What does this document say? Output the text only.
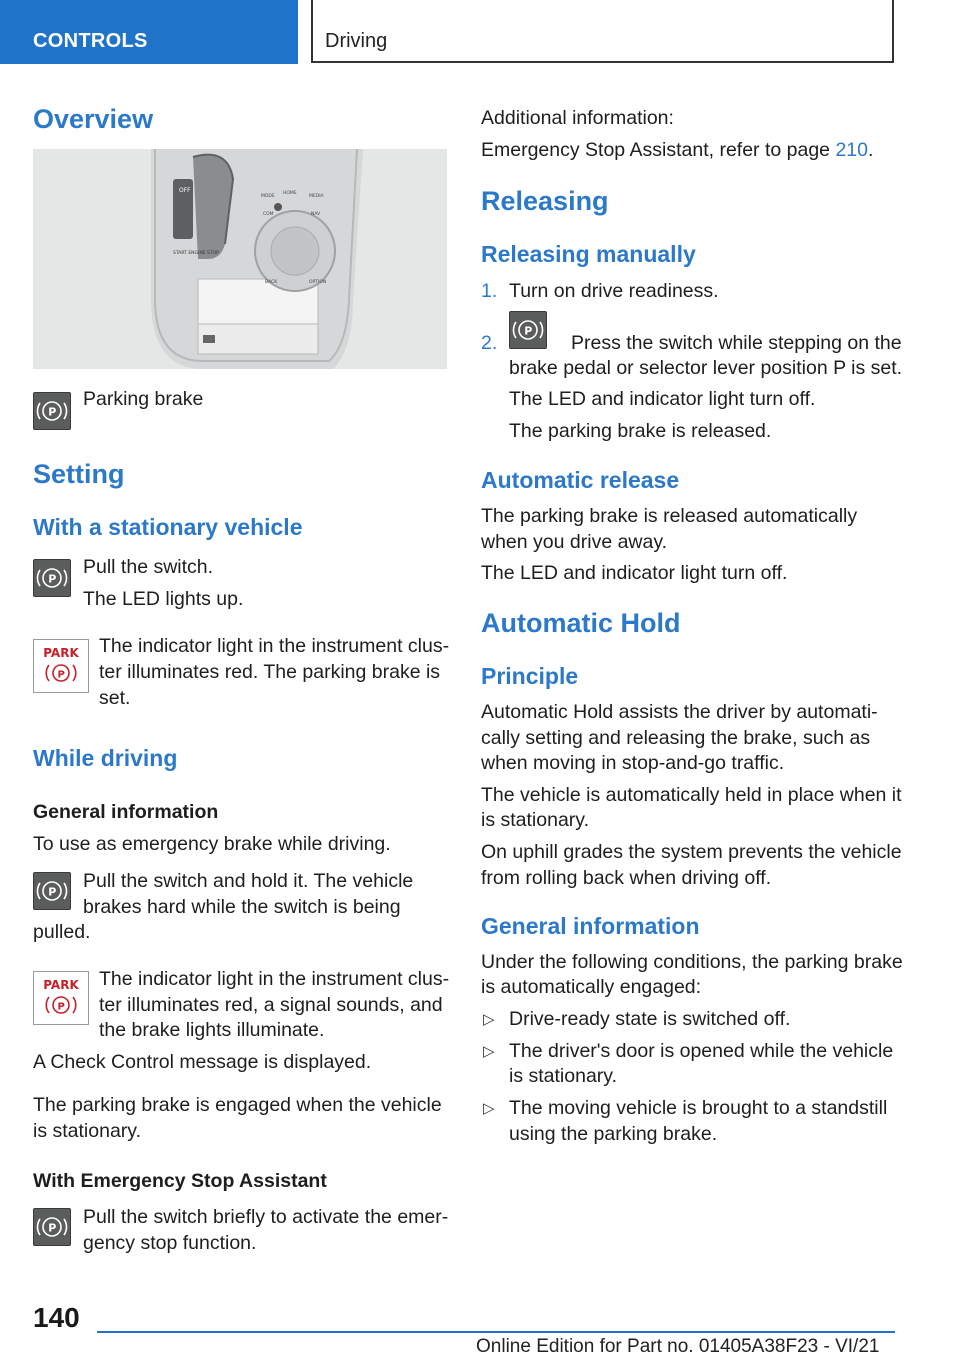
CONTROLS	Driving
Overview
OFF
START ENGINE STOP
MODE
HOME
MEDIA
COM	NAV
BACK	OPTION
P
Parking brake
Setting
With a stationary vehicle
P
Pull the switch.
The LED lights up.
PARK
P
The indicator light in the instrument clus‐
ter illuminates red. The parking brake is
set.
While driving
General information
To use as emergency brake while driving.
P Pull the switch and hold it. The vehicle
brakes hard while the switch is being
pulled.
PARK
P
The indicator light in the instrument clus‐
ter illuminates red, a signal sounds, and
the brake lights illuminate.
A Check Control message is displayed.
The parking brake is engaged when the vehicle
is stationary.
With Emergency Stop Assistant
P Pull the switch briefly to activate the emer‐
gency stop function.
Additional information:
Emergency Stop Assistant, refer to page 210.
Releasing
Releasing manually
1. Turn on drive readiness.
2.
P
Press the switch while stepping on the
brake pedal or selector lever position P is set.
The LED and indicator light turn off.
The parking brake is released.
Automatic release
The parking brake is released automatically
when you drive away.
The LED and indicator light turn off.
Automatic Hold
Principle
Automatic Hold assists the driver by automati‐
cally setting and releasing the brake, such as
when moving in stop-and-go traffic.
The vehicle is automatically held in place when it
is stationary.
On uphill grades the system prevents the vehicle
from rolling back when driving off.
General information
Under the following conditions, the parking brake
is automatically engaged:
▷ Drive-ready state is switched off.
▷ The driver's door is opened while the vehicle
is stationary.
▷ The moving vehicle is brought to a standstill
using the parking brake.
140
Online Edition for Part no. 01405A38F23 - VI/21
